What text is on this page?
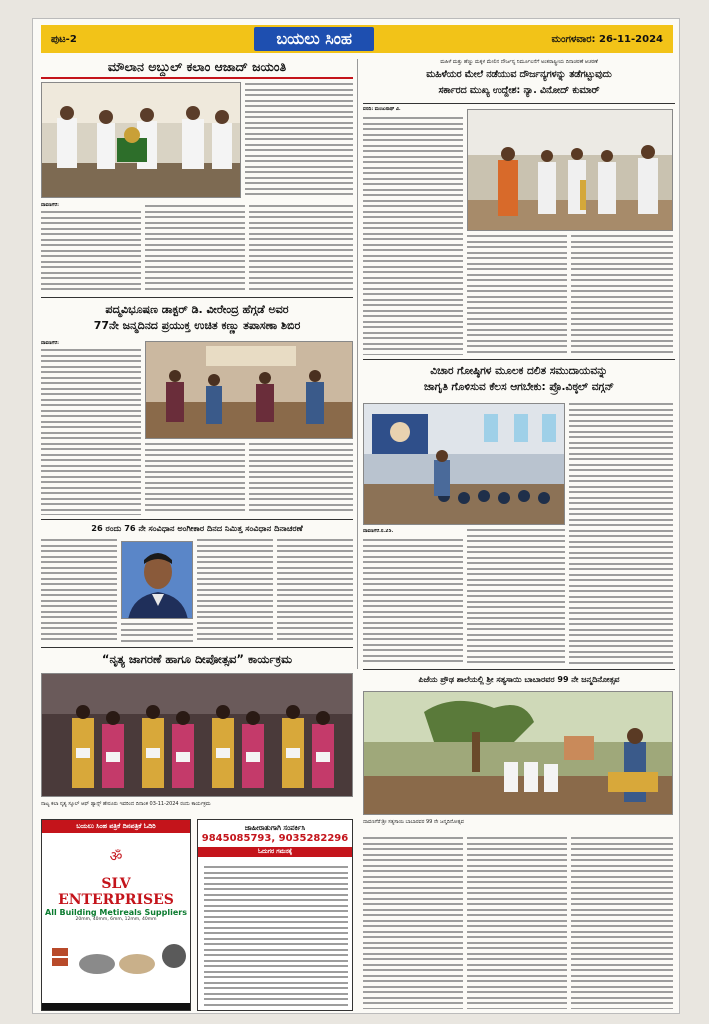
ಪುಟ-2	ಬಯಲು ಸಿಂಹ	ಮಂಗಳವಾರ: 26-11-2024
ಮೌಲಾನ ಅಬ್ದುಲ್ ಕಲಾಂ ಆಜಾದ್ ಜಯಂತಿ
ದಾವಣಗೆರೆ:
ಪದ್ಮವಿಭೂಷಣ ಡಾಕ್ಟರ್ ಡಿ. ವೀರೇಂದ್ರ ಹೆಗ್ಗಡೆ ಅವರ
77ನೇ ಜನ್ಮದಿನದ ಪ್ರಯುಕ್ತ ಉಚಿತ ಕಣ್ಣು ತಪಾಸಣಾ ಶಿಬಿರ
ದಾವಣಗೆರೆ:
26 ರಂದು 76 ನೇ ಸಂವಿಧಾನ ಅಂಗೀಕಾರ ದಿನದ ನಿಮಿತ್ತ ಸಂವಿಧಾನ ದಿನಾಚರಣೆ
ಮಹಿಳೆ ಮತ್ತು ಹೆಣ್ಣು ಮಕ್ಕಳ ಮೇಲಿನ ದೌರ್ಜನ್ಯ ನಿರ್ಮೂಲನೆಗೆ ಅಂತರಾಷ್ಟ್ರೀಯ ದಿನಾಚರಣೆ ಆಚರಣೆ
ಮಹಿಳೆಯರ ಮೇಲೆ ನಡೆಯುವ ದೌರ್ಜನ್ಯಗಳನ್ನು ತಡೆಗಟ್ಟುವುದು
ಸರ್ಕಾರದ ಮುಖ್ಯ ಉದ್ದೇಶ: ನ್ಯಾ. ವಿನೋದ್ ಕುಮಾರ್
ವರದಿ: ಮಂಜುನಾಥ್ ವಿ.
ವಿಚಾರ ಗೋಷ್ಠಿಗಳ ಮೂಲಕ ದಲಿತ ಸಮುದಾಯವನ್ನು
ಜಾಗೃತಿ ಗೊಳಿಸುವ ಕೆಲಸ ಆಗಬೇಕು: ಪ್ರೊ.ವಿಠ್ಠಲ್ ವಗ್ಗನ್
ದಾವಣಗೆರೆ.ನ.25.
“ನೃತ್ಯ ಜಾಗರಣೆ ಹಾಗೂ ದೀಪೋತ್ಸವ” ಕಾರ್ಯಕ್ರಮ
ನಾಟ್ಯ ಕಲಾ ನೃತ್ಯ ಸ್ಕೂಲ್ ಆಫ್ ಡ್ಯಾನ್ಸ್ ಹೇರೂರು ಇವರಿಂದ ದಿನಾಂಕ 03-11-2024 ರಂದು ಕಾರ್ಯಕ್ರಮ
ಪಿಜೆಯ ಪ್ರೌಢ ಶಾಲೆಯಲ್ಲಿ ಶ್ರೀ ಸತ್ಯಸಾಯಿ ಬಾಬಾರವರ 99 ನೇ ಜನ್ಮದಿನೋತ್ಸವ
ದಾವಣಗೆರೆ:ಶ್ರೀ ಸತ್ಯಸಾಯಿ ಬಾಬಾರವರ 99 ನೇ ಜನ್ಮದಿನೋತ್ಸವ
ಬಯಲು ಸಿಂಹ ಪತ್ರಿಕೆ ದಿನಪತ್ರಿಕೆ ಓದಿರಿ
ॐ
SLV ENTERPRISES
All Building Metireals Suppliers
20mm, 40mm, 6mm, 12mm, 40mm

ಜಾಹೀರಾತುಗಾಗಿ ಸಂಪರ್ಕಿಸಿ
9845085793, 9035282296
ಓದುಗರ ಗಮನಕ್ಕೆ
